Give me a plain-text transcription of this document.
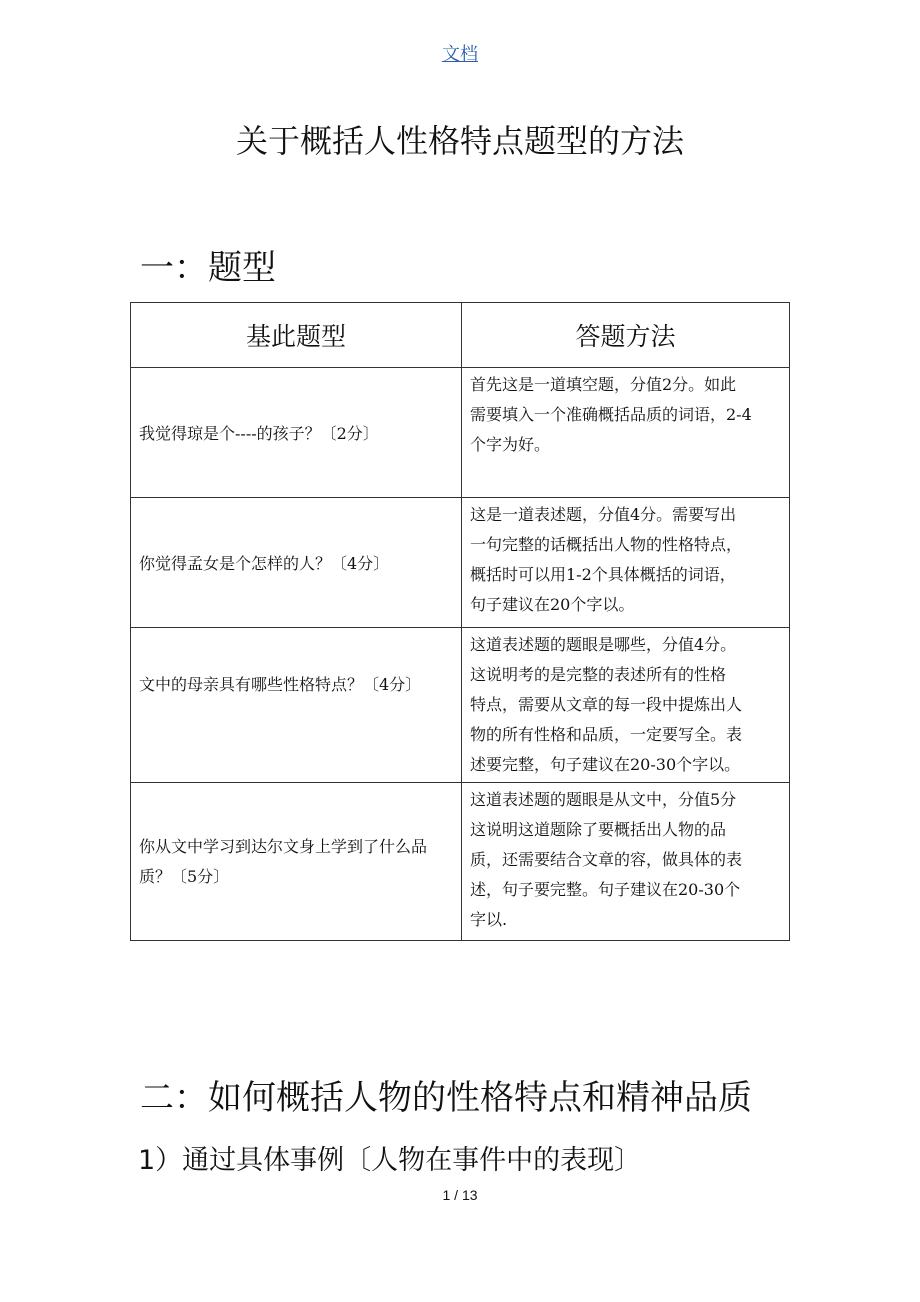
文档
关于概括人性格特点题型的方法
一：题型
基此题型	答题方法
我觉得琼是个----的孩子？〔2分〕	首先这是一道填空题，分值2分。如此
需要填入一个准确概括品质的词语，2-4
个字为好。

你觉得孟女是个怎样的人？〔4分〕	这是一道表述题，分值4分。需要写出
一句完整的话概括出人物的性格特点，
概括时可以用1-2个具体概括的词语，
句子建议在20个字以。

文中的母亲具有哪些性格特点？〔4分〕	这道表述题的题眼是哪些，分值4分。
这说明考的是完整的表述所有的性格
特点，需要从文章的每一段中提炼出人
物的所有性格和品质，一定要写全。表
述要完整，句子建议在20-30个字以。

你从文中学习到达尔文身上学到了什么品质？〔5分〕	这道表述题的题眼是从文中，分值5分
这说明这道题除了要概括出人物的品
质，还需要结合文章的容，做具体的表
述，句子要完整。句子建议在20-30个
字以.
二：如何概括人物的性格特点和精神品质
1）通过具体事例〔人物在事件中的表现〕
1 / 13
